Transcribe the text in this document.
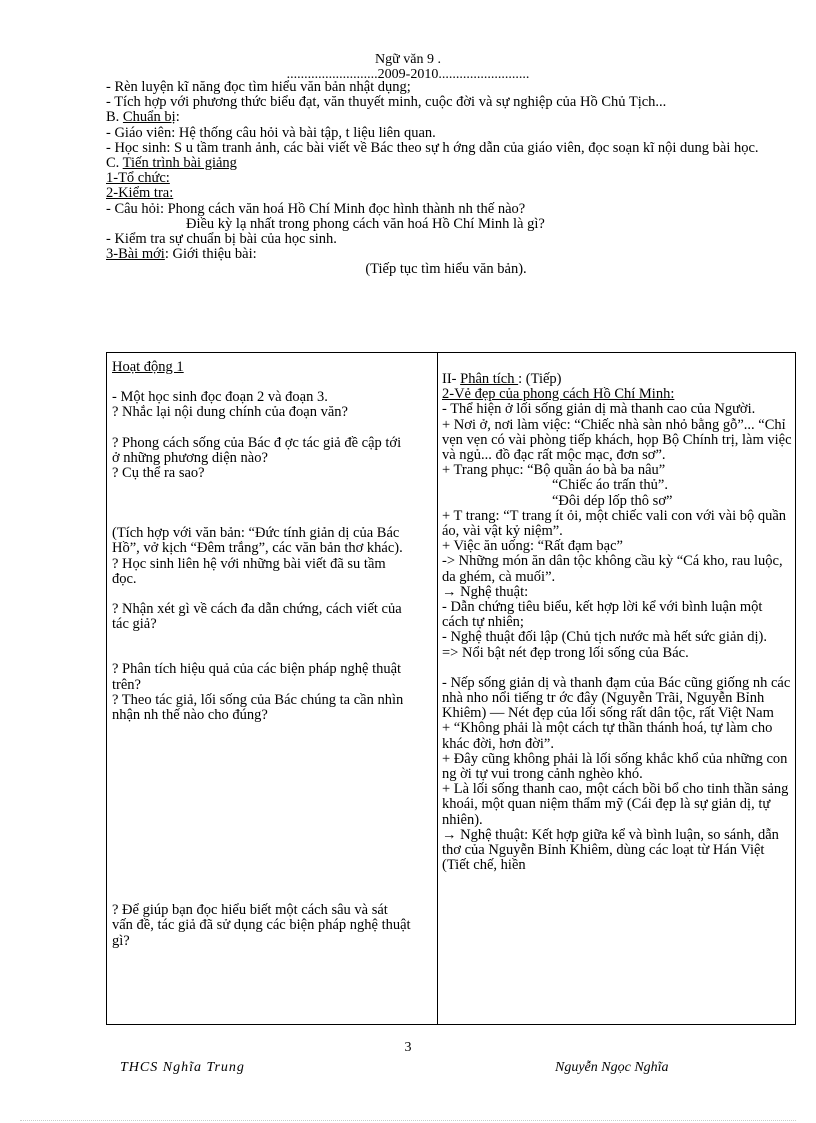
Ngữ văn 9 .
..........................2009-2010..........................

- Rèn luyện kĩ năng đọc tìm hiểu văn bản nhật dụng;

- Tích hợp với phương thức biểu đạt, văn thuyết minh, cuộc đời và sự nghiệp của Hồ Chủ Tịch...

B. Chuẩn bị:

- Giáo viên: Hệ thống câu hỏi và bài tập, t liệu liên quan.

- Học sinh: S u tầm tranh ảnh, các bài viết về Bác theo sự h ớng dẫn của giáo viên, đọc soạn kĩ nội dung bài học.

C. Tiến trình bài giảng

1-Tổ chức:

2-Kiểm tra:

- Câu hỏi: Phong cách văn hoá Hồ Chí Minh đọc hình thành nh thế nào?

Điều kỳ lạ nhất trong phong cách văn hoá Hồ Chí Minh là gì?

- Kiểm tra sự chuẩn bị bài của học sinh.

3-Bài mới: Giới thiệu bài:

(Tiếp tục tìm hiểu văn bản).

Hoạt động 1

- Một học sinh đọc đoạn 2 và đoạn 3.

? Nhắc lại nội dung chính của đoạn văn?

? Phong cách sống của Bác đ ợc tác giả đề cập tới ở những phương diện nào?

? Cụ thể ra sao?

(Tích hợp với văn bản: “Đức tính giản dị của Bác Hồ”, vở kịch “Đêm trắng”, các văn bản thơ khác).

? Học sinh liên hệ với những bài viết đã su tầm đọc.

? Nhận xét gì về cách đa dẫn chứng, cách viết của tác giả?

? Phân tích hiệu quả của các biện pháp nghệ thuật trên?

? Theo tác giả, lối sống của Bác chúng ta cần nhìn nhận nh thế nào cho đúng?

? Để giúp bạn đọc hiểu biết một cách sâu và sát vấn đề, tác giả đã sử dụng các biện pháp nghệ thuật gì?

II- Phân tích : (Tiếp)

2-Vẻ đẹp của phong cách Hồ Chí Minh:

- Thể hiện ở lối sống giản dị mà thanh cao của Người.

+ Nơi ở, nơi làm việc: “Chiếc nhà sàn nhỏ bằng gỗ”... “Chỉ vẹn vẹn có vài phòng tiếp khách, họp Bộ Chính trị, làm việc và ngủ... đồ đạc rất mộc mạc, đơn sơ”.

+ Trang phục: “Bộ quần áo bà ba nâu”

“Chiếc áo trấn thủ”.

“Đôi dép lốp thô sơ”

+ T trang: “T trang ít ỏi, một chiếc vali con với vài bộ quần áo, vài vật kỷ niệm”.

+ Việc ăn uống: “Rất đạm bạc”

-> Những món ăn dân tộc không cầu kỳ “Cá kho, rau luộc, da ghém, cà muối”.

→ Nghệ thuật:

- Dẫn chứng tiêu biểu, kết hợp lời kể với bình luận một cách tự nhiên;

- Nghệ thuật đối lập (Chủ tịch nước mà hết sức giản dị).

=> Nổi bật nét đẹp trong lối sống của Bác.

- Nếp sống giản dị và thanh đạm của Bác cũng giống nh các nhà nho nổi tiếng tr ớc đây (Nguyễn Trãi, Nguyễn Bỉnh Khiêm) — Nét đẹp của lối sống rất dân tộc, rất Việt Nam

+ “Không phải là một cách tự thần thánh hoá, tự làm cho khác đời, hơn đời”.

+ Đây cũng không phải là lối sống khắc khổ của những con ng ời tự vui trong cảnh nghèo khó.

+ Là lối sống thanh cao, một cách bồi bổ cho tinh thần sảng khoái, một quan niệm thẩm mỹ (Cái đẹp là sự giản dị, tự nhiên).

→ Nghệ thuật: Kết hợp giữa kể và bình luận, so sánh, dẫn thơ của Nguyễn Bỉnh Khiêm, dùng các loạt từ Hán Việt (Tiết chế, hiền

3
THCS Nghĩa Trung	Nguyễn Ngọc Nghĩa
